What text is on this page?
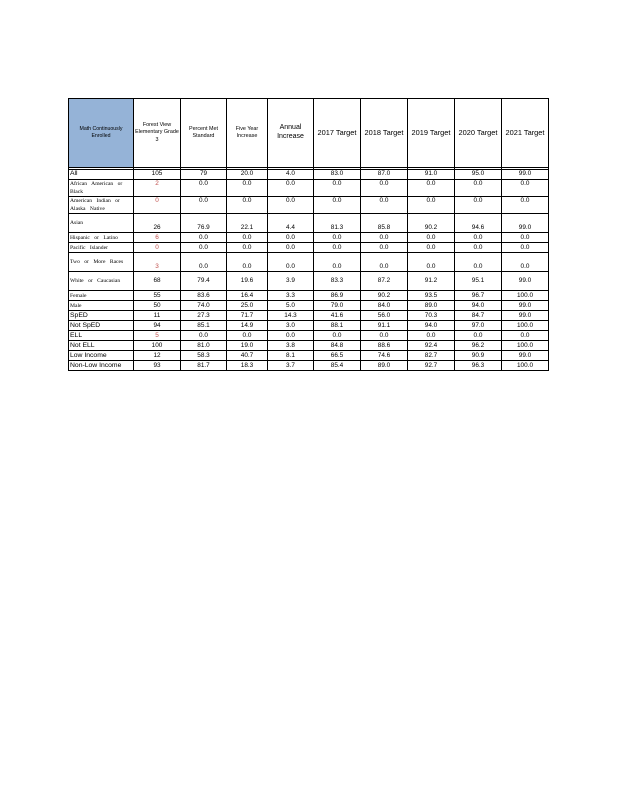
Math Continuously Enrolled	Forest View Elementary Grade 3	Percent Met Standard	Five Year Increase	Annual Increase	2017 Target	2018 Target	2019 Target	2020 Target	2021 Target

All	105	79	20.0	4.0	83.0	87.0	91.0	95.0	99.0
African American or Black	2	0.0	0.0	0.0	0.0	0.0	0.0	0.0	0.0
American Indian or Alaska Native	0	0.0	0.0	0.0	0.0	0.0	0.0	0.0	0.0
Asian	26	76.9	22.1	4.4	81.3	85.8	90.2	94.6	99.0
Hispanic or Latino	6	0.0	0.0	0.0	0.0	0.0	0.0	0.0	0.0
Pacific Islander	0	0.0	0.0	0.0	0.0	0.0	0.0	0.0	0.0
Two or More Races	3	0.0	0.0	0.0	0.0	0.0	0.0	0.0	0.0
White or Caucasian	68	79.4	19.6	3.9	83.3	87.2	91.2	95.1	99.0
Female	55	83.6	16.4	3.3	86.9	90.2	93.5	96.7	100.0
Male	50	74.0	25.0	5.0	79.0	84.0	89.0	94.0	99.0
SpED	11	27.3	71.7	14.3	41.6	56.0	70.3	84.7	99.0
Not SpED	94	85.1	14.9	3.0	88.1	91.1	94.0	97.0	100.0
ELL	5	0.0	0.0	0.0	0.0	0.0	0.0	0.0	0.0
Not ELL	100	81.0	19.0	3.8	84.8	88.6	92.4	96.2	100.0
Low Income	12	58.3	40.7	8.1	66.5	74.6	82.7	90.9	99.0
Non-Low Income	93	81.7	18.3	3.7	85.4	89.0	92.7	96.3	100.0
